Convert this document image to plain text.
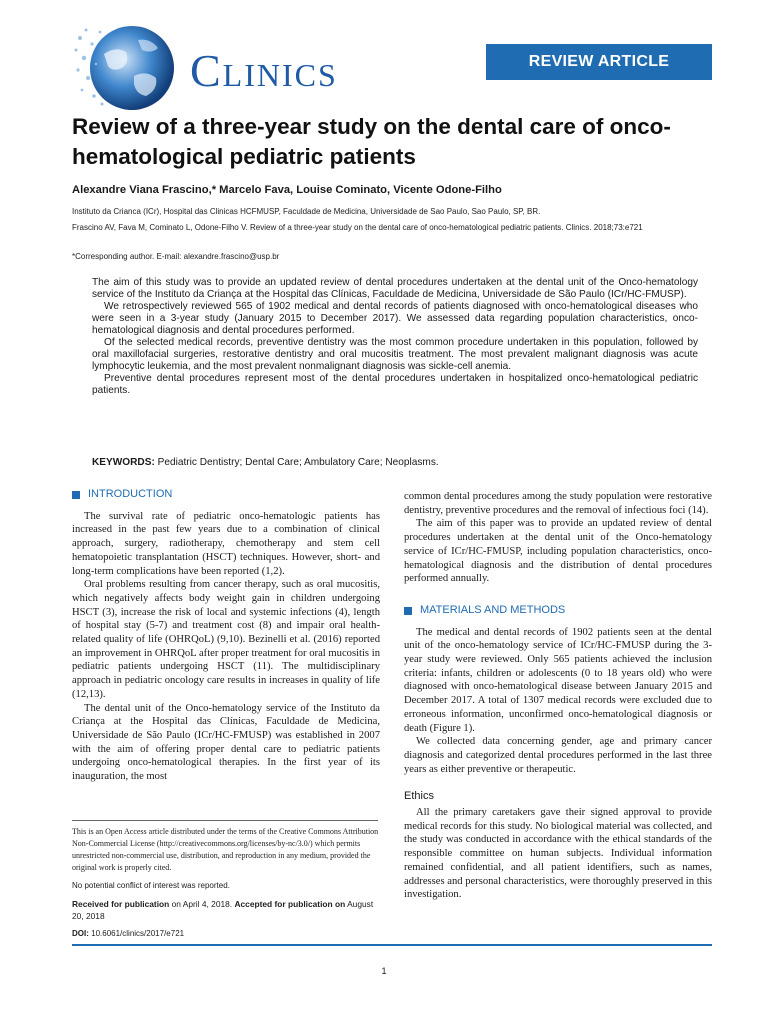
Clinics	REVIEW ARTICLE
Review of a three-year study on the dental care of onco-hematological pediatric patients
Alexandre Viana Frascino,* Marcelo Fava, Louise Cominato, Vicente Odone-Filho
Instituto da Crianca (ICr), Hospital das Clinicas HCFMUSP, Faculdade de Medicina, Universidade de Sao Paulo, Sao Paulo, SP, BR.
Frascino AV, Fava M, Cominato L, Odone-Filho V. Review of a three-year study on the dental care of onco-hematological pediatric patients. Clinics. 2018;73:e721
*Corresponding author. E-mail: alexandre.frascino@usp.br

The aim of this study was to provide an updated review of dental procedures undertaken at the dental unit of the Onco-hematology service of the Instituto da Criança at the Hospital das Clínicas, Faculdade de Medicina, Universidade de São Paulo (ICr/HC-FMUSP).

We retrospectively reviewed 565 of 1902 medical and dental records of patients diagnosed with onco-hematological diseases who were seen in a 3-year study (January 2015 to December 2017). We assessed data regarding population characteristics, onco-hematological diagnosis and dental procedures performed.

Of the selected medical records, preventive dentistry was the most common procedure undertaken in this population, followed by oral maxillofacial surgeries, restorative dentistry and oral mucositis treatment. The most prevalent malignant diagnosis was acute lymphocytic leukemia, and the most prevalent nonmalignant diagnosis was sickle-cell anemia.

Preventive dental procedures represent most of the dental procedures undertaken in hospitalized onco-hematological pediatric patients.

KEYWORDS: Pediatric Dentistry; Dental Care; Ambulatory Care; Neoplasms.
INTRODUCTION

The survival rate of pediatric onco-hematologic patients has increased in the past few years due to a combination of clinical approach, surgery, radiotherapy, chemotherapy and stem cell hematopoietic transplantation (HSCT) techniques. However, short- and long-term complications have been reported (1,2).

Oral problems resulting from cancer therapy, such as oral mucositis, which negatively affects body weight gain in children undergoing HSCT (3), increase the risk of local and systemic infections (4), length of hospital stay (5-7) and treatment cost (8) and impair oral health-related quality of life (OHRQoL) (9,10). Bezinelli et al. (2016) reported an improvement in OHRQoL after proper treatment for oral mucositis in pediatric patients undergoing HSCT (11). The multidisciplinary approach in pediatric oncology care results in increases in quality of life (12,13).

The dental unit of the Onco-hematology service of the Instituto da Criança at the Hospital das Clínicas, Faculdade de Medicina, Universidade de São Paulo (ICr/HC-FMUSP) was established in 2007 with the aim of offering proper dental care to pediatric patients undergoing onco-hematological therapies. In the first year of its inauguration, the most

This is an Open Access article distributed under the terms of the Creative Commons Attribution Non-Commercial License (http://creativecommons.org/licenses/by-nc/3.0/) which permits unrestricted non-commercial use, distribution, and reproduction in any medium, provided the original work is properly cited.

No potential conflict of interest was reported.

Received for publication on April 4, 2018. Accepted for publication on August 20, 2018

DOI: 10.6061/clinics/2017/e721

common dental procedures among the study population were restorative dentistry, preventive procedures and the removal of infectious foci (14).

The aim of this paper was to provide an updated review of dental procedures undertaken at the dental unit of the Onco-hematology service of ICr/HC-FMUSP, including population characteristics, onco-hematological diagnosis and the distribution of dental procedures performed annually.

MATERIALS AND METHODS

The medical and dental records of 1902 patients seen at the dental unit of the onco-hematology service of ICr/HC-FMUSP during the 3-year study were reviewed. Only 565 patients achieved the inclusion criteria: infants, children or adolescents (0 to 18 years old) who were diagnosed with onco-hematological disease between January 2015 and December 2017. A total of 1307 medical records were excluded due to erroneous information, unconfirmed onco-hematological diagnosis or death (Figure 1).

We collected data concerning gender, age and primary cancer diagnosis and categorized dental procedures performed in the last three years as either preventive or therapeutic.

Ethics

All the primary caretakers gave their signed approval to provide medical records for this study. No biological material was collected, and the study was conducted in accordance with the ethical standards of the responsible committee on human subjects. Individual information remained confidential, and all patient identifiers, such as names, addresses and personal characteristics, were thoroughly preserved in this investigation.

1
